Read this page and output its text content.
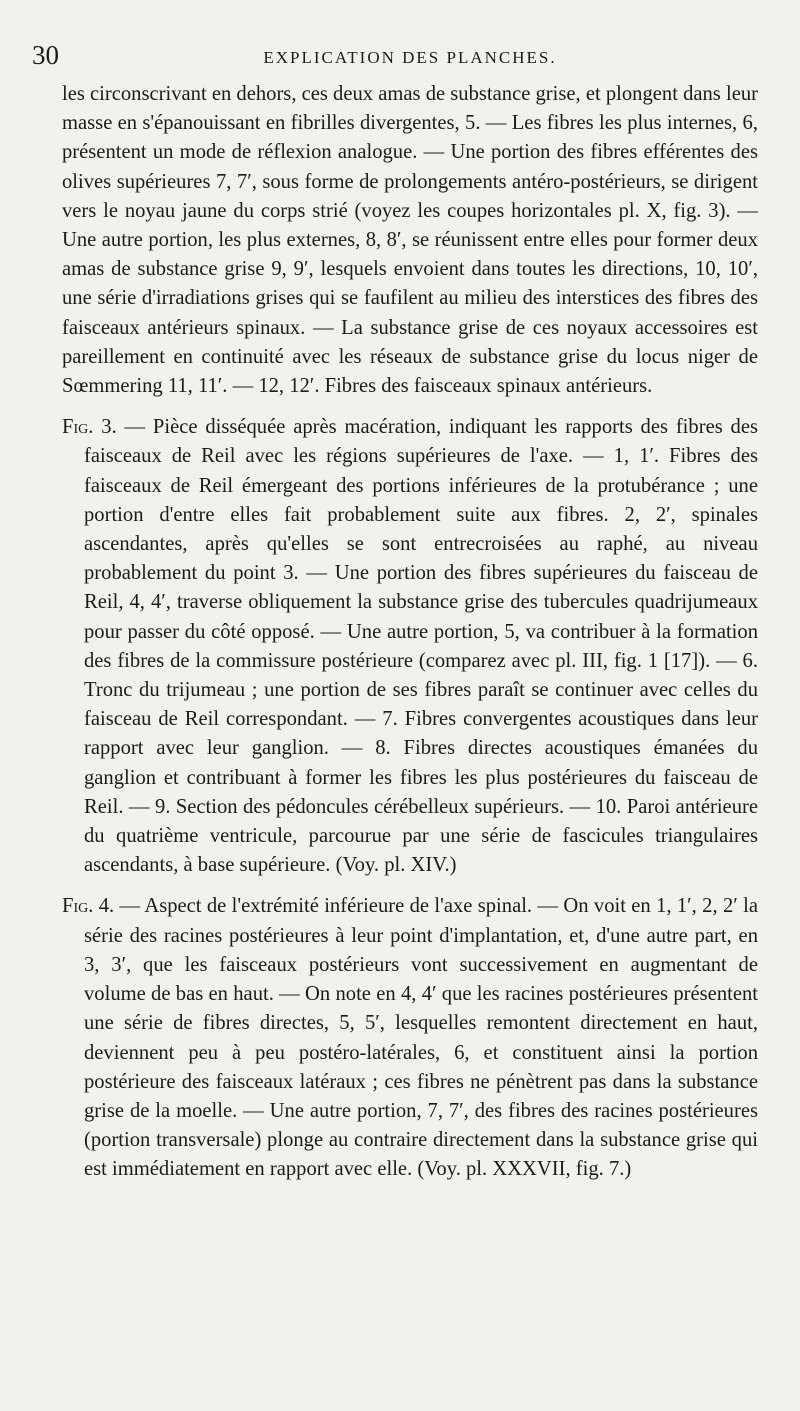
30	EXPLICATION DES PLANCHES.

les circonscrivant en dehors, ces deux amas de substance grise, et plongent dans leur masse en s'épanouissant en fibrilles divergentes, 5. — Les fibres les plus internes, 6, présentent un mode de réflexion analogue. — Une portion des fibres efférentes des olives supérieures 7, 7′, sous forme de prolongements antéro-postérieurs, se dirigent vers le noyau jaune du corps strié (voyez les coupes horizontales pl. X, fig. 3). — Une autre portion, les plus externes, 8, 8′, se réunissent entre elles pour former deux amas de substance grise 9, 9′, lesquels envoient dans toutes les directions, 10, 10′, une série d'irradiations grises qui se faufilent au milieu des interstices des fibres des faisceaux antérieurs spinaux. — La substance grise de ces noyaux accessoires est pareillement en continuité avec les réseaux de substance grise du locus niger de Sœmmering 11, 11′. — 12, 12′. Fibres des faisceaux spinaux antérieurs.

Fig. 3. — Pièce disséquée après macération, indiquant les rapports des fibres des faisceaux de Reil avec les régions supérieures de l'axe. — 1, 1′. Fibres des faisceaux de Reil émergeant des portions inférieures de la protubérance ; une portion d'entre elles fait probablement suite aux fibres. 2, 2′, spinales ascendantes, après qu'elles se sont entrecroisées au raphé, au niveau probablement du point 3. — Une portion des fibres supérieures du faisceau de Reil, 4, 4′, traverse obliquement la substance grise des tubercules quadrijumeaux pour passer du côté opposé. — Une autre portion, 5, va contribuer à la formation des fibres de la commissure postérieure (comparez avec pl. III, fig. 1 [17]). — 6. Tronc du trijumeau ; une portion de ses fibres paraît se continuer avec celles du faisceau de Reil correspondant. — 7. Fibres convergentes acoustiques dans leur rapport avec leur ganglion. — 8. Fibres directes acoustiques émanées du ganglion et contribuant à former les fibres les plus postérieures du faisceau de Reil. — 9. Section des pédoncules cérébelleux supérieurs. — 10. Paroi antérieure du quatrième ventricule, parcourue par une série de fascicules triangulaires ascendants, à base supérieure. (Voy. pl. XIV.)

Fig. 4. — Aspect de l'extrémité inférieure de l'axe spinal. — On voit en 1, 1′, 2, 2′ la série des racines postérieures à leur point d'implantation, et, d'une autre part, en 3, 3′, que les faisceaux postérieurs vont successivement en augmentant de volume de bas en haut. — On note en 4, 4′ que les racines postérieures présentent une série de fibres directes, 5, 5′, lesquelles remontent directement en haut, deviennent peu à peu postéro-latérales, 6, et constituent ainsi la portion postérieure des faisceaux latéraux ; ces fibres ne pénètrent pas dans la substance grise de la moelle. — Une autre portion, 7, 7′, des fibres des racines postérieures (portion transversale) plonge au contraire directement dans la substance grise qui est immédiatement en rapport avec elle. (Voy. pl. XXXVII, fig. 7.)
